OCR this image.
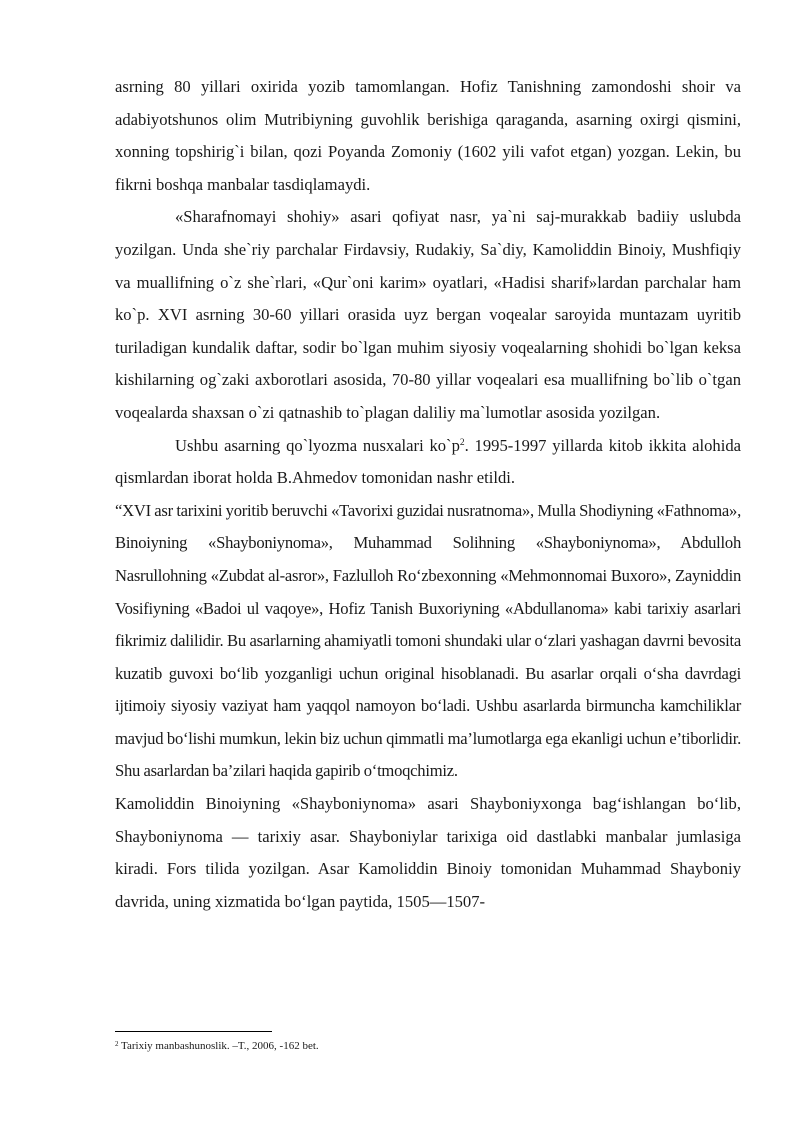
asrning 80 yillari oxirida yozib tamomlangan. Hofiz Tanishning zamondoshi shoir va adabiyotshunos olim Mutribiyning guvohlik berishiga qaraganda, asarning oxirgi qismini, xonning topshirig`i bilan, qozi Poyanda Zomoniy (1602 yili vafot etgan) yozgan. Lekin, bu fikrni boshqa manbalar tasdiqlamaydi.

«Sharafnomayi shohiy» asari qofiyat nasr, ya`ni saj-murakkab badiiy uslubda yozilgan. Unda she`riy parchalar Firdavsiy, Rudakiy, Sa`diy, Kamoliddin Binoiy, Mushfiqiy va muallifning o`z she`rlari, «Qur`oni karim» oyatlari, «Hadisi sharif»lardan parchalar ham ko`p. XVI asrning 30-60 yillari orasida uyz bergan voqealar saroyida muntazam uyritib turiladigan kundalik daftar, sodir bo`lgan muhim siyosiy voqealarning shohidi bo`lgan keksa kishilarning og`zaki axborotlari asosida, 70-80 yillar voqealari esa muallifning bo`lib o`tgan voqealarda shaxsan o`zi qatnashib to`plagan daliliy ma`lumotlar asosida yozilgan.

Ushbu asarning qo`lyozma nusxalari $ko`p^2$. 1995-1997 yillarda kitob ikkita alohida qismlardan iborat holda B.Ahmedov tomonidan nashr etildi.

“XVI asr tarixini yoritib beruvchi «Tavorixi guzidai nusratnoma», Mulla Shodiyning «Fathnoma», Binoiyning «Shayboniynoma», Muhammad Solihning «Shayboniynoma», Abdulloh Nasrullohning «Zubdat al-asror», Fazlulloh Ro‘zbexonning «Mehmonnomai Buxoro», Zayniddin Vosifiyning «Badoi ul vaqoye», Hofiz Tanish Buxoriyning «Abdullanoma» kabi tarixiy asarlari fikrimiz dalilidir. Bu asarlarning ahamiyatli tomoni shundaki ular o‘zlari yashagan davrni bevosita kuzatib guvoxi bo‘lib yozganligi uchun original hisoblanadi. Bu asarlar orqali o‘sha davrdagi ijtimoiy siyosiy vaziyat ham yaqqol namoyon bo‘ladi. Ushbu asarlarda birmuncha kamchiliklar mavjud bo‘lishi mumkun, lekin biz uchun qimmatli ma’lumotlarga ega ekanligi uchun e’tiborlidir. Shu asarlardan ba’zilari haqida gapirib o‘tmoqchimiz.

Kamoliddin Binoiyning «Shayboniynoma» asari Shayboniyxonga bag‘ishlangan bo‘lib, Shayboniynoma — tarixiy asar. Shayboniylar tarixiga oid dastlabki manbalar jumlasiga kiradi. Fors tilida yozilgan. Asar Kamoliddin Binoiy tomonidan Muhammad Shayboniy davrida, uning xizmatida bo‘lgan paytida, 1505—1507-

$^2$ Tarixiy manbashunoslik. –T., 2006, -162 bet.
